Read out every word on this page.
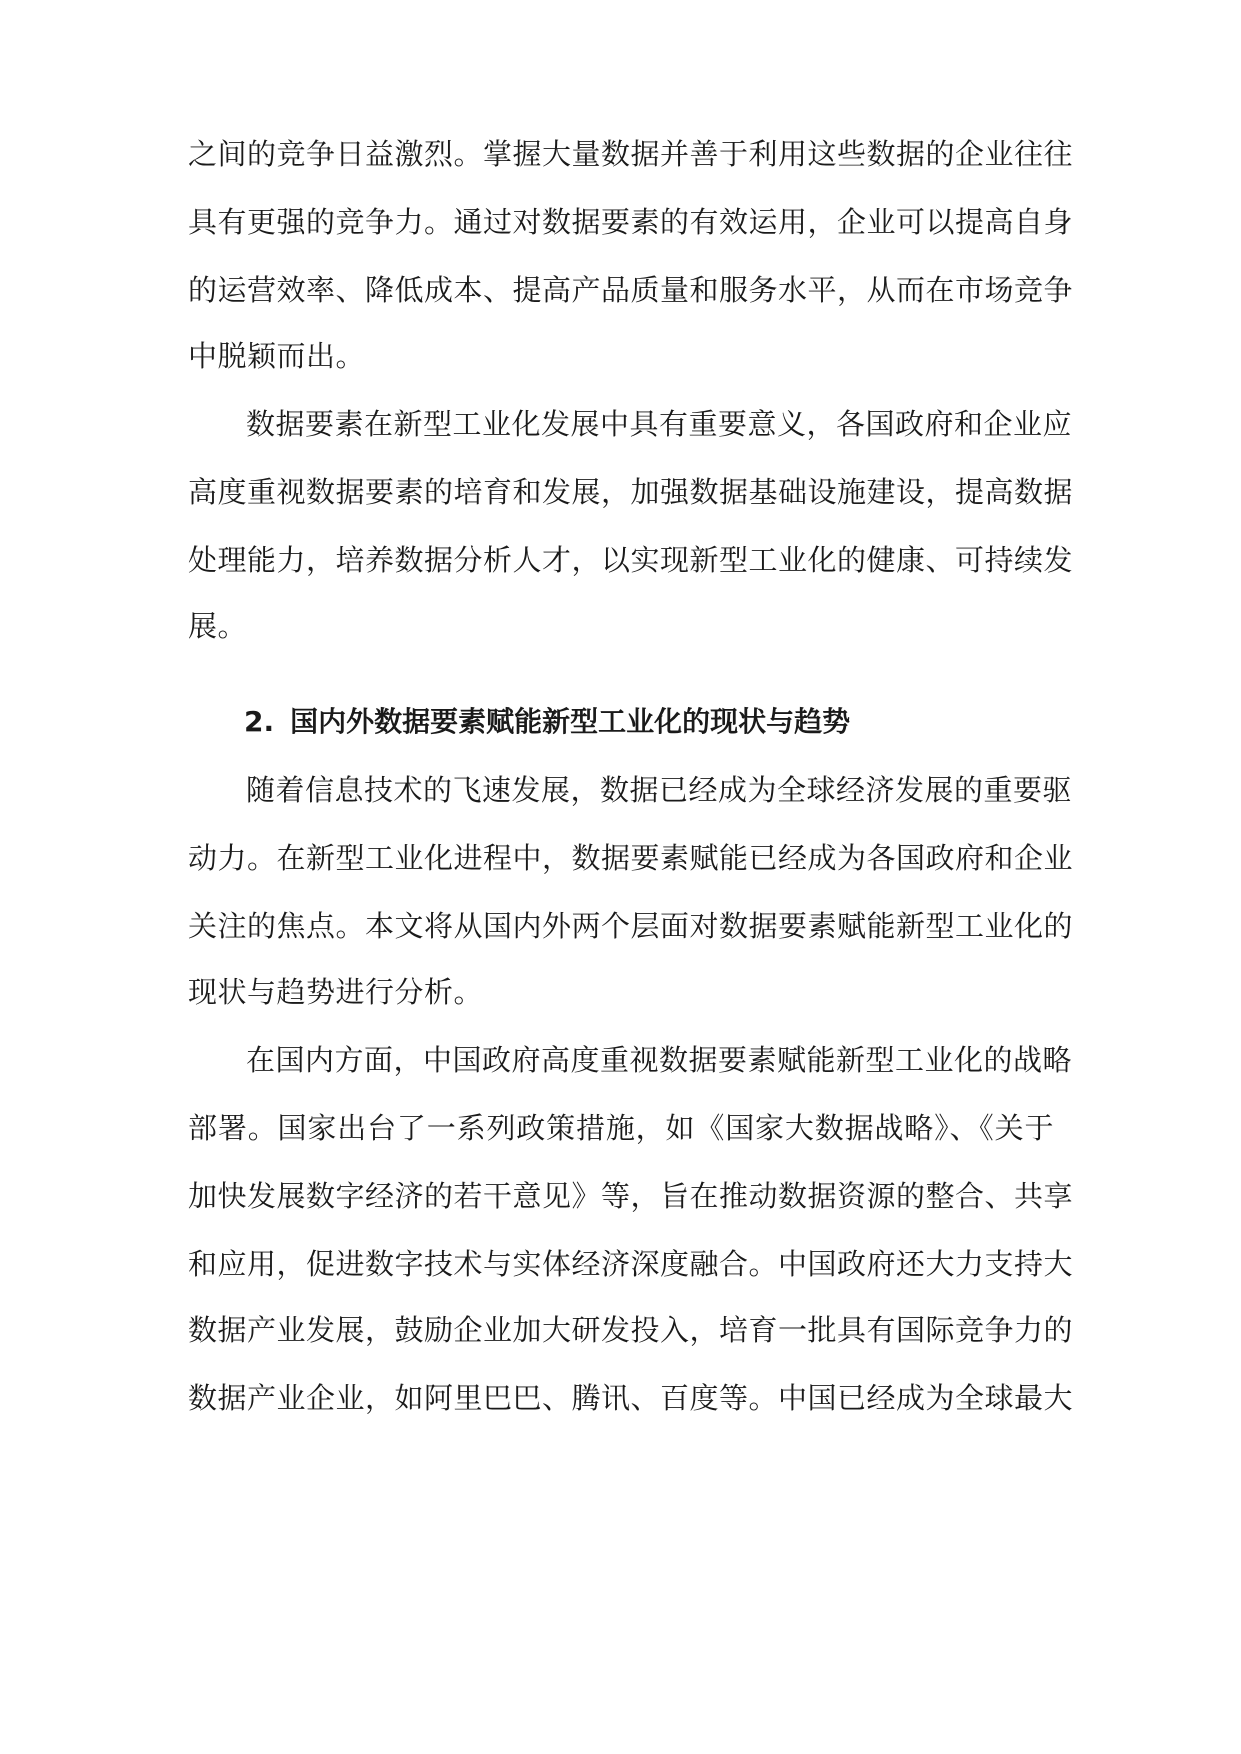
之间的竞争日益激烈。掌握大量数据并善于利用这些数据的企业往往
具有更强的竞争力。通过对数据要素的有效运用，企业可以提高自身
的运营效率、降低成本、提高产品质量和服务水平，从而在市场竞争
中脱颖而出。
数据要素在新型工业化发展中具有重要意义，各国政府和企业应
高度重视数据要素的培育和发展，加强数据基础设施建设，提高数据
处理能力，培养数据分析人才，以实现新型工业化的健康、可持续发
展。
2. 国内外数据要素赋能新型工业化的现状与趋势
随着信息技术的飞速发展，数据已经成为全球经济发展的重要驱
动力。在新型工业化进程中，数据要素赋能已经成为各国政府和企业
关注的焦点。本文将从国内外两个层面对数据要素赋能新型工业化的
现状与趋势进行分析。
在国内方面，中国政府高度重视数据要素赋能新型工业化的战略
部署。国家出台了一系列政策措施，如《国家大数据战略》、《关于
加快发展数字经济的若干意见》等，旨在推动数据资源的整合、共享
和应用，促进数字技术与实体经济深度融合。中国政府还大力支持大
数据产业发展，鼓励企业加大研发投入，培育一批具有国际竞争力的
数据产业企业，如阿里巴巴、腾讯、百度等。中国已经成为全球最大
